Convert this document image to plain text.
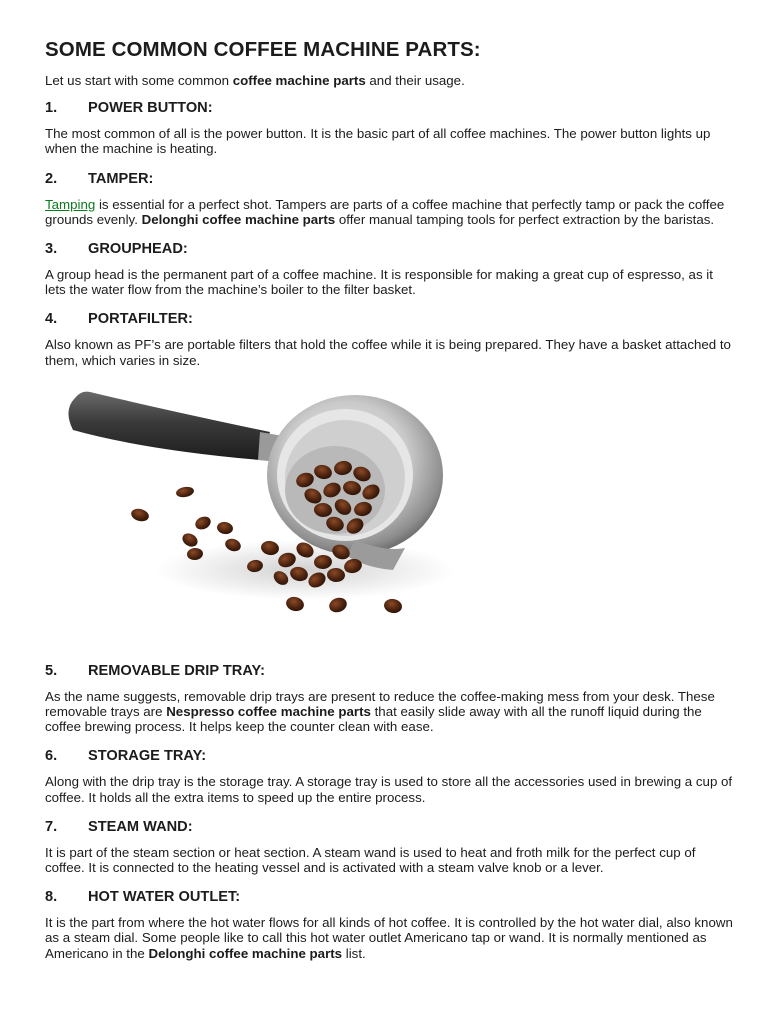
SOME COMMON COFFEE MACHINE PARTS:

Let us start with some common coffee machine parts and their usage.

1.	POWER BUTTON:

The most common of all is the power button. It is the basic part of all coffee machines. The power button lights up when the machine is heating.

2.	TAMPER:

Tamping is essential for a perfect shot. Tampers are parts of a coffee machine that perfectly tamp or pack the coffee grounds evenly. Delonghi coffee machine parts offer manual tamping tools for perfect extraction by the baristas.

3.	GROUPHEAD:

A group head is the permanent part of a coffee machine. It is responsible for making a great cup of espresso, as it lets the water flow from the machine’s boiler to the filter basket.

4.	PORTAFILTER:

Also known as PF’s are portable filters that hold the coffee while it is being prepared. They have a basket attached to them, which varies in size.

5.	REMOVABLE DRIP TRAY:

As the name suggests, removable drip trays are present to reduce the coffee-making mess from your desk. These removable trays are Nespresso coffee machine parts that easily slide away with all the runoff liquid during the coffee brewing process. It helps keep the counter clean with ease.

6.	STORAGE TRAY:

Along with the drip tray is the storage tray. A storage tray is used to store all the accessories used in brewing a cup of coffee. It holds all the extra items to speed up the entire process.

7.	STEAM WAND:

It is part of the steam section or heat section. A steam wand is used to heat and froth milk for the perfect cup of coffee. It is connected to the heating vessel and is activated with a steam valve knob or a lever.

8.	HOT WATER OUTLET:

It is the part from where the hot water flows for all kinds of hot coffee. It is controlled by the hot water dial, also known as a steam dial. Some people like to call this hot water outlet Americano tap or wand. It is normally mentioned as Americano in the Delonghi coffee machine parts list.
